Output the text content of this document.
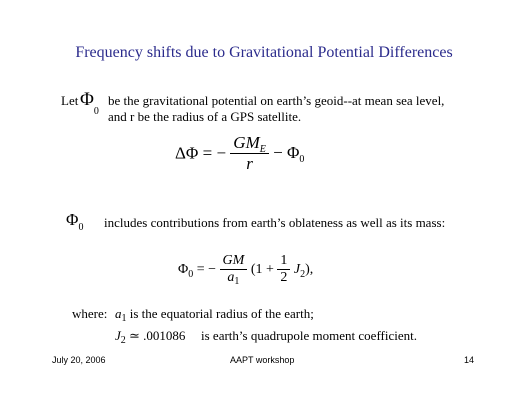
Frequency shifts due to Gravitational Potential Differences
Let $\Phi_0$
be the gravitational potential on earth’s geoid--at mean sea level,
and r be the radius of a GPS satellite.
ΔΦ = − $\frac{GM_E}{r} - \Phi_0$
$\Phi_0$ includes contributions from earth’s oblateness as well as its mass:
$\Phi_0$ = − $\frac{GM}{a_1} (1 + \frac{1}{2} J_2)$,
where: $a_1$ is the equatorial radius of the earth;
$J_2$ ≃ .001086 is earth’s quadrupole moment coefficient.
July 20, 2006	AAPT workshop	14
